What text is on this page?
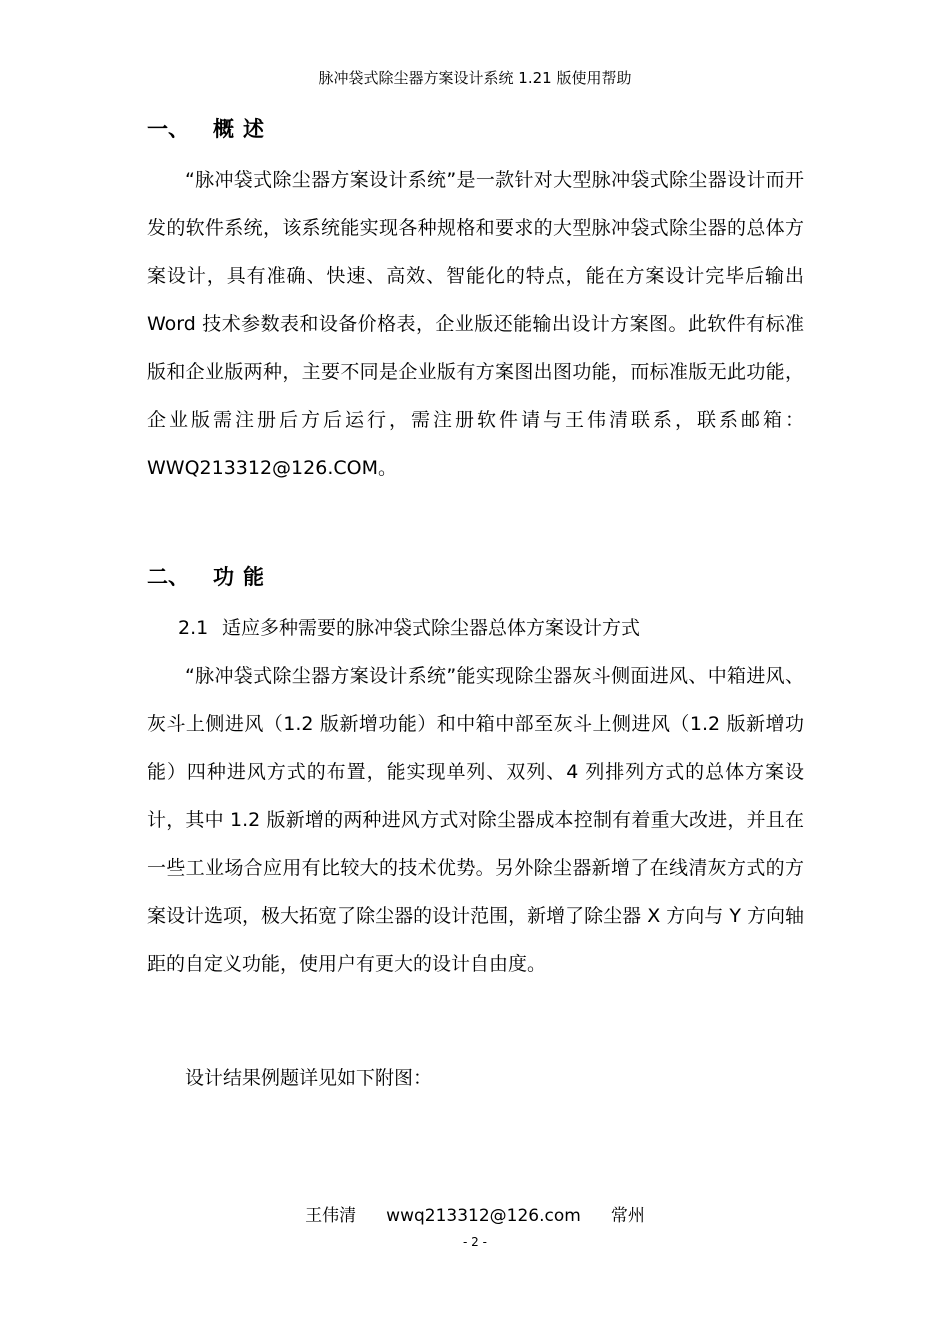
脉冲袋式除尘器方案设计系统 1.21 版使用帮助
一、 概述

“脉冲袋式除尘器方案设计系统”是一款针对大型脉冲袋式除尘器设计而开发的软件系统，该系统能实现各种规格和要求的大型脉冲袋式除尘器的总体方案设计，具有准确、快速、高效、智能化的特点，能在方案设计完毕后输出 Word 技术参数表和设备价格表，企业版还能输出设计方案图。此软件有标准版和企业版两种，主要不同是企业版有方案图出图功能，而标准版无此功能，企业版需注册后方后运行，需注册软件请与王伟清联系，联系邮箱：WWQ213312@126.COM。

二、 功能
2.1 适应多种需要的脉冲袋式除尘器总体方案设计方式

“脉冲袋式除尘器方案设计系统”能实现除尘器灰斗侧面进风、中箱进风、灰斗上侧进风（1.2 版新增功能）和中箱中部至灰斗上侧进风（1.2 版新增功能）四种进风方式的布置，能实现单列、双列、4 列排列方式的总体方案设计，其中 1.2 版新增的两种进风方式对除尘器成本控制有着重大改进，并且在一些工业场合应用有比较大的技术优势。另外除尘器新增了在线清灰方式的方案设计选项，极大拓宽了除尘器的设计范围，新增了除尘器 X 方向与 Y 方向轴距的自定义功能，使用户有更大的设计自由度。

设计结果例题详见如下附图：

王伟清 wwq213312@126.com 常州
- 2 -
